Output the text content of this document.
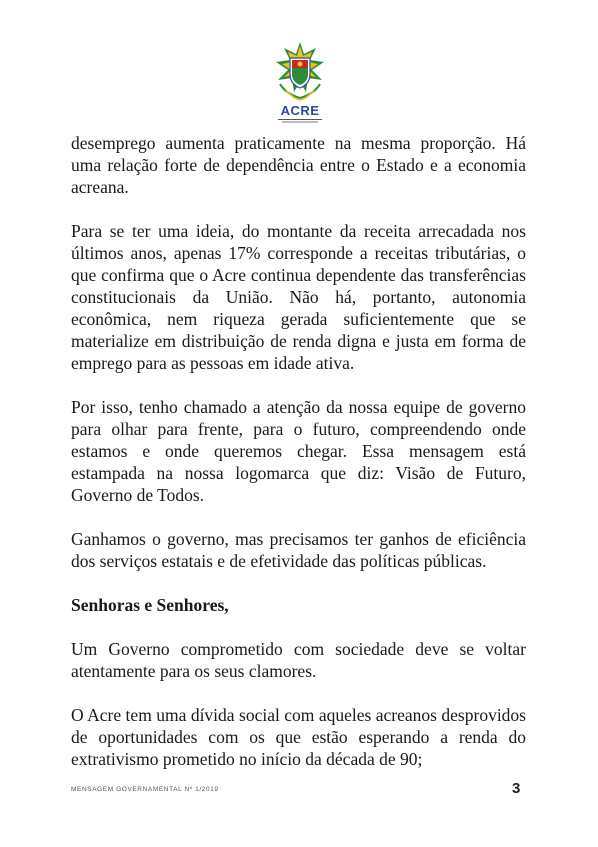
ACRE

desemprego aumenta praticamente na mesma proporção. Há uma relação forte de dependência entre o Estado e a economia acreana.

Para se ter uma ideia, do montante da receita arrecadada nos últimos anos, apenas 17% corresponde a receitas tributárias, o que confirma que o Acre continua dependente das transferências constitucionais da União. Não há, portanto, autonomia econômica, nem riqueza gerada suficientemente que se materialize em distribuição de renda digna e justa em forma de emprego para as pessoas em idade ativa.

Por isso, tenho chamado a atenção da nossa equipe de governo para olhar para frente, para o futuro, compreendendo onde estamos e onde queremos chegar. Essa mensagem está estampada na nossa logomarca que diz: Visão de Futuro, Governo de Todos.

Ganhamos o governo, mas precisamos ter ganhos de eficiência dos serviços estatais e de efetividade das políticas públicas.

Senhoras e Senhores,

Um Governo comprometido com sociedade deve se voltar atentamente para os seus clamores.

O Acre tem uma dívida social com aqueles acreanos desprovidos de oportunidades com os que estão esperando a renda do extrativismo prometido no início da década de 90;

MENSAGEM GOVERNAMENTAL Nº 1/2019	3
